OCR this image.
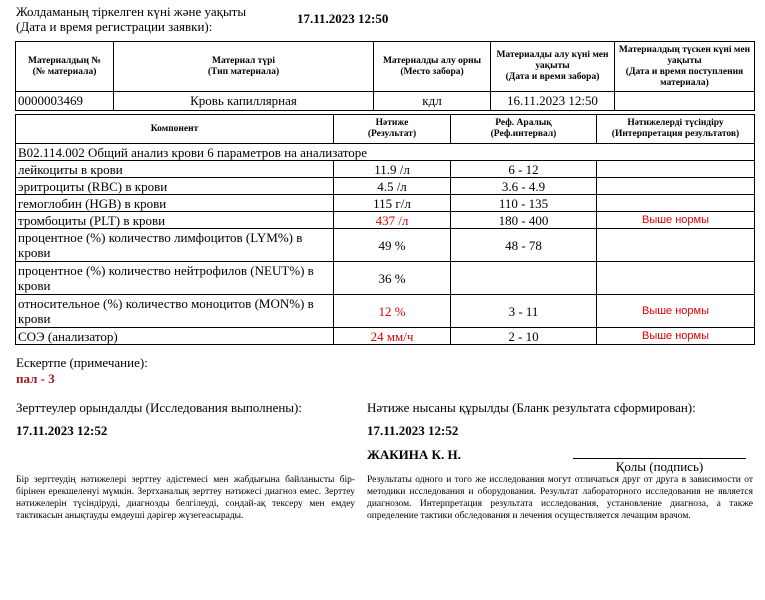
Жолдаманың тіркелген күні және уақыты
(Дата и время регистрации заявки):
17.11.2023 12:50
Материалдың №
(№ материала)	Материал түрі
(Тип материала)	Материалды алу орны
(Место забора)	Материалды алу күні мен уақыты
(Дата и время забора)	Материалдың түскен күні мен уақыты
(Дата и время поступления материала)
0000003469	Кровь капиллярная	кдл	16.11.2023 12:50	
Компонент	Нәтиже
(Результат)	Реф. Аралық
(Реф.интервал)	Нәтижелерді түсіндіру
(Интерпретация результатов)
B02.114.002 Общий анализ крови 6 параметров на анализаторе			
лейкоциты в крови	11.9 /л	6 - 12	
эритроциты (RBC) в крови	4.5 /л	3.6 - 4.9	
гемоглобин (HGB) в крови	115 г/л	110 - 135	
тромбоциты (PLT) в крови	437 /л	180 - 400	Выше нормы
процентное (%) количество лимфоцитов (LYM%) в крови	49 %	48 - 78	
процентное (%) количество нейтрофилов (NEUT%) в крови	36 %		
относительное (%) количество моноцитов (MON%) в крови	12 %	3 - 11	Выше нормы
СОЭ (анализатор)	24 мм/ч	2 - 10	Выше нормы
Ескертпе (примечание):
пал - 3
Зерттеулер орындалды (Исследования выполнены):
17.11.2023 12:52
Нәтиже нысаны құрылды (Бланк результата сформирован):
17.11.2023 12:52
ЖАКИНА К. Н.
Қолы (подпись)
Бір зерттеудің нәтижелері зерттеу әдістемесі мен жабдығына байланысты бір-бірінен ерекшеленуі мүмкін. Зертханалық зерттеу нәтижесі диагноз емес. Зерттеу нәтижелерін түсіндіруді, диагнозды белгілеуді, сондай-ақ тексеру мен емдеу тактикасын анықтауды емдеуші дәрігер жүзегеасырады.
Результаты одного и того же исследования могут отличаться друг от друга в зависимости от методики исследования и оборудования. Результат лабораторного исследования не является диагнозом. Интерпретация результата исследования, установление диагноза, а также определение тактики обследования и лечения осуществляется лечащим врачом.
